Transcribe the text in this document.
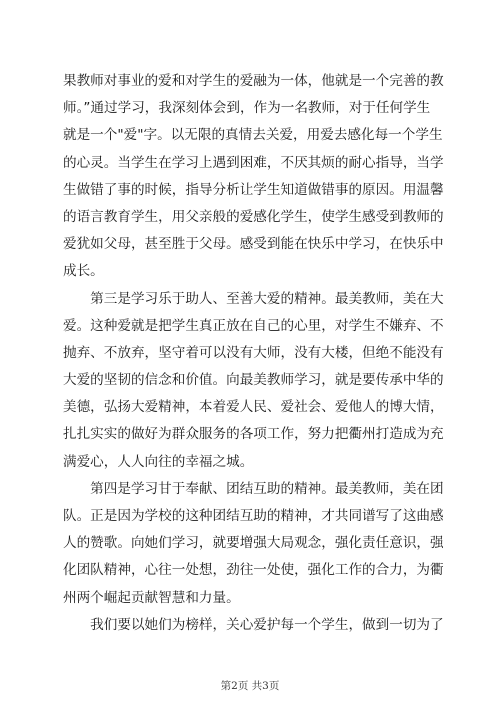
果教师对事业的爱和对学生的爱融为一体，他就是一个完善的教
师。”通过学习，我深刻体会到，作为一名教师，对于任何学生
就是一个"爱"字。以无限的真情去关爱，用爱去感化每一个学生
的心灵。当学生在学习上遇到困难，不厌其烦的耐心指导，当学
生做错了事的时候，指导分析让学生知道做错事的原因。用温馨
的语言教育学生，用父亲般的爱感化学生，使学生感受到教师的
爱犹如父母，甚至胜于父母。感受到能在快乐中学习，在快乐中
成长。
　　第三是学习乐于助人、至善大爱的精神。最美教师，美在大
爱。这种爱就是把学生真正放在自己的心里，对学生不嫌弃、不
抛弃、不放弃，坚守着可以没有大师，没有大楼，但绝不能没有
大爱的坚韧的信念和价值。向最美教师学习，就是要传承中华的
美德，弘扬大爱精神，本着爱人民、爱社会、爱他人的博大情，
扎扎实实的做好为群众服务的各项工作，努力把衢州打造成为充
满爱心，人人向往的幸福之城。
　　第四是学习甘于奉献、团结互助的精神。最美教师，美在团
队。正是因为学校的这种团结互助的精神，才共同谱写了这曲感
人的赞歌。向她们学习，就要增强大局观念，强化责任意识，强
化团队精神，心往一处想，劲往一处使，强化工作的合力，为衢
州两个崛起贡献智慧和力量。
　　我们要以她们为榜样，关心爱护每一个学生，做到一切为了
第2页 共3页
